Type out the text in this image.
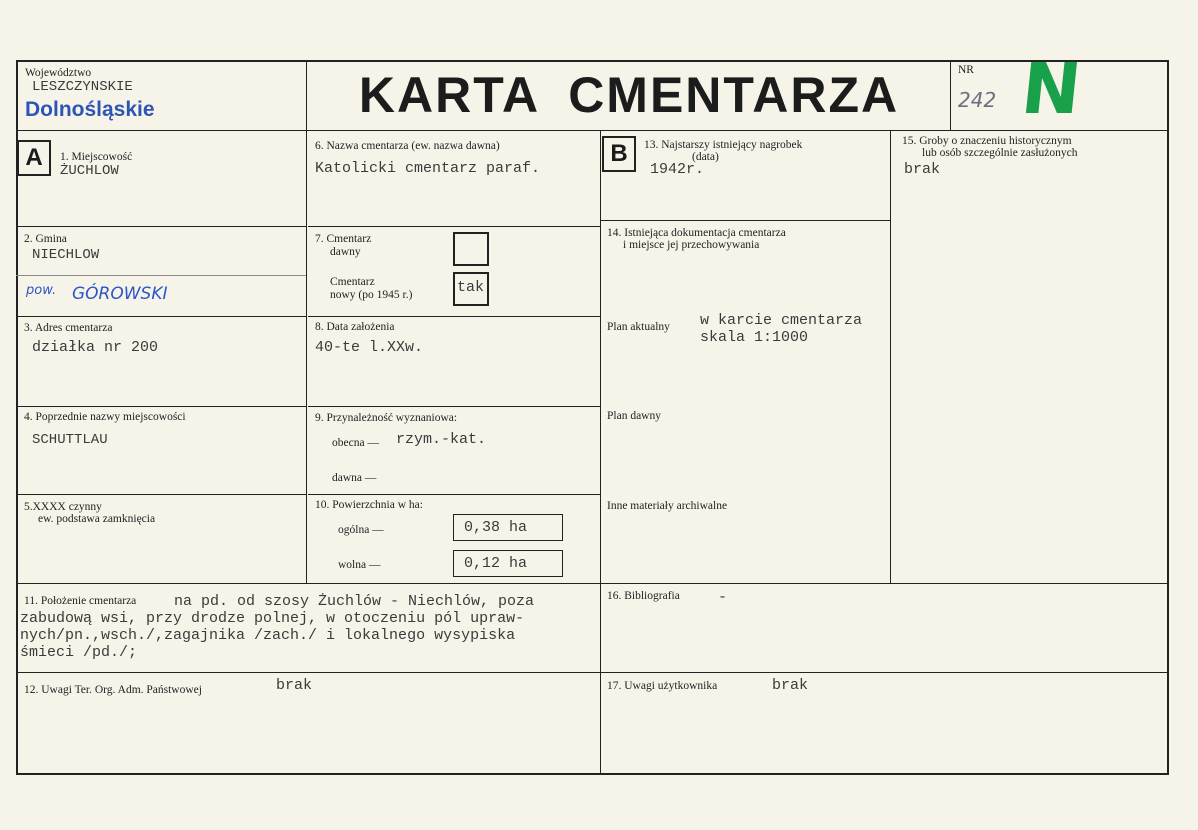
Województwo
LESZCZYNSKIE
Dolnośląskie	KARTA CMENTARZA	NR
242 N
A	1. Miejscowość
ŻUCHLOW
2. Gmina
NIECHLOW
pow. GÓROWSKI
3. Adres cmentarza
działka nr 200
4. Poprzednie nazwy miejscowości
SCHUTTLAU
5.XXXX czynny
ew. podstawa zamknięcia
6. Nazwa cmentarza (ew. nazwa dawna)
Katolicki cmentarz paraf.
7. Cmentarz
dawny
Cmentarz
nowy (po 1945 r.)	tak
8. Data założenia
40-te l.XXw.
9. Przynależność wyznaniowa:
obecna — rzym.-kat.
dawna —
10. Powierzchnia w ha:
ogólna —	0,38 ha
wolna —	0,12 ha
B	13. Najstarszy istniejący nagrobek
(data)
1942r.
14. Istniejąca dokumentacja cmentarza
i miejsce jej przechowywania
Plan aktualny w karcie cmentarza
skala 1:1000
Plan dawny
Inne materiały archiwalne
15. Groby o znaczeniu historycznym
lub osób szczególnie zasłużonych
brak
11. Położenie cmentarza	na pd. od szosy Żuchlów - Niechlów, poza
zabudową wsi, przy drodze polnej, w otoczeniu pól upraw-
nych/pn.,wsch./,zagajnika /zach./ i lokalnego wysypiska
śmieci /pd./;
16. Bibliografia	-
12. Uwagi Ter. Org. Adm. Państwowej	brak	17. Uwagi użytkownika	brak
